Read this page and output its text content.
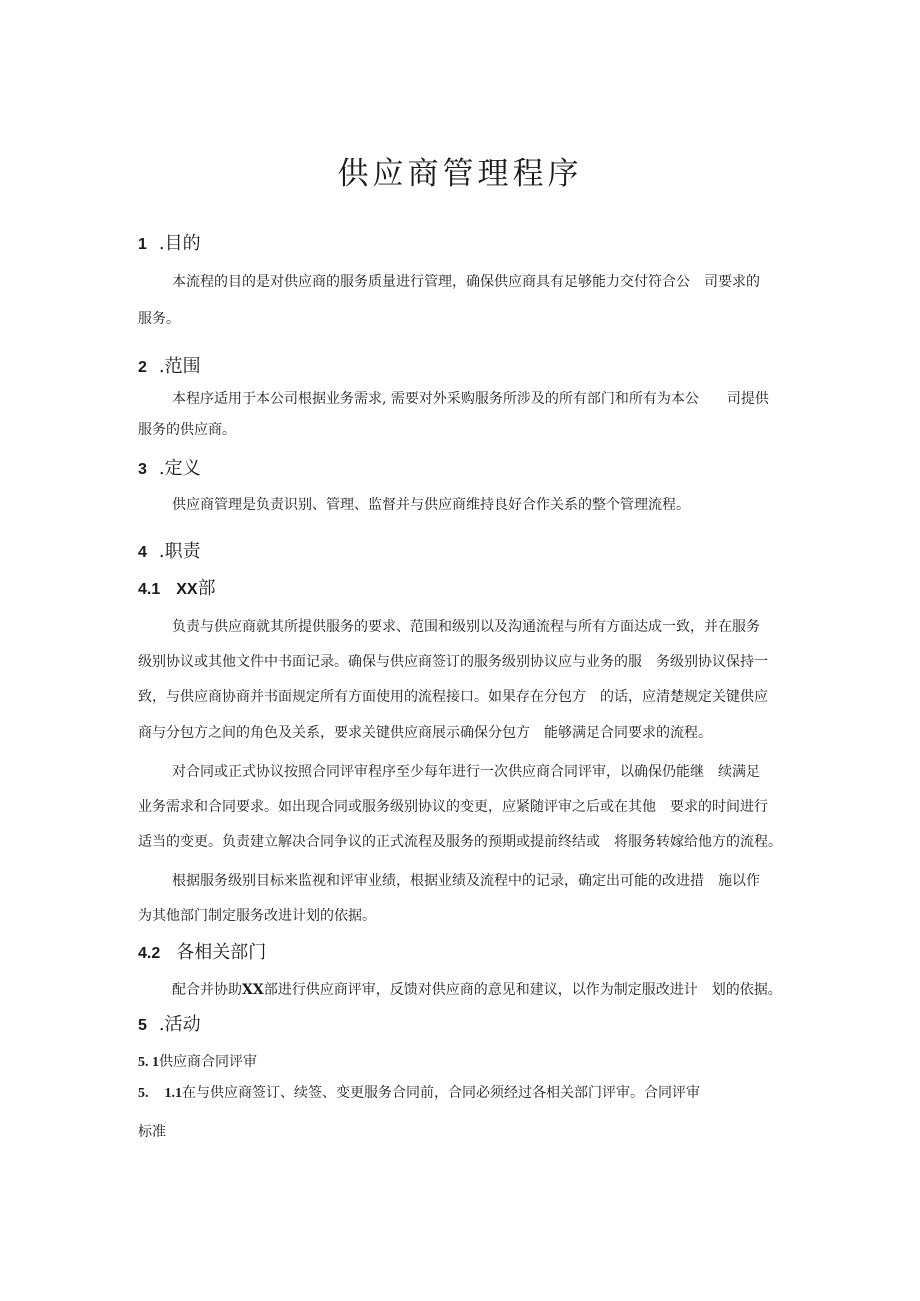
供应商管理程序
1 .目的
本流程的目的是对供应商的服务质量进行管理，确保供应商具有足够能力交付符合公　司要求的
服务。
2 .范围
本程序适用于本公司根据业务需求, 需要对外采购服务所涉及的所有部门和所有为本公　　司提供
服务的供应商。
3 .定义
供应商管理是负责识别、管理、监督并与供应商维持良好合作关系的整个管理流程。
4 .职责
4.1 XX部
负责与供应商就其所提供服务的要求、范围和级别以及沟通流程与所有方面达成一致，并在服务
级别协议或其他文件中书面记录。确保与供应商签订的服务级别协议应与业务的服　务级别协议保持一
致，与供应商协商并书面规定所有方面使用的流程接口。如果存在分包方　的话，应清楚规定关键供应
商与分包方之间的角色及关系，要求关键供应商展示确保分包方　能够满足合同要求的流程。
对合同或正式协议按照合同评审程序至少每年进行一次供应商合同评审，以确保仍能继　续满足
业务需求和合同要求。如出现合同或服务级别协议的变更，应紧随评审之后或在其他　要求的时间进行
适当的变更。负责建立解决合同争议的正式流程及服务的预期或提前终结或　将服务转嫁给他方的流程。
根据服务级别目标来监视和评审业绩，根据业绩及流程中的记录，确定出可能的改进措　施以作
为其他部门制定服务改进计划的依据。
4.2 各相关部门
配合并协助XX部进行供应商评审，反馈对供应商的意见和建议，以作为制定服改进计　划的依据。
5 .活动
5. 1供应商合同评审
5. 1.1在与供应商签订、续签、变更服务合同前，合同必须经过各相关部门评审。合同评审
标准
